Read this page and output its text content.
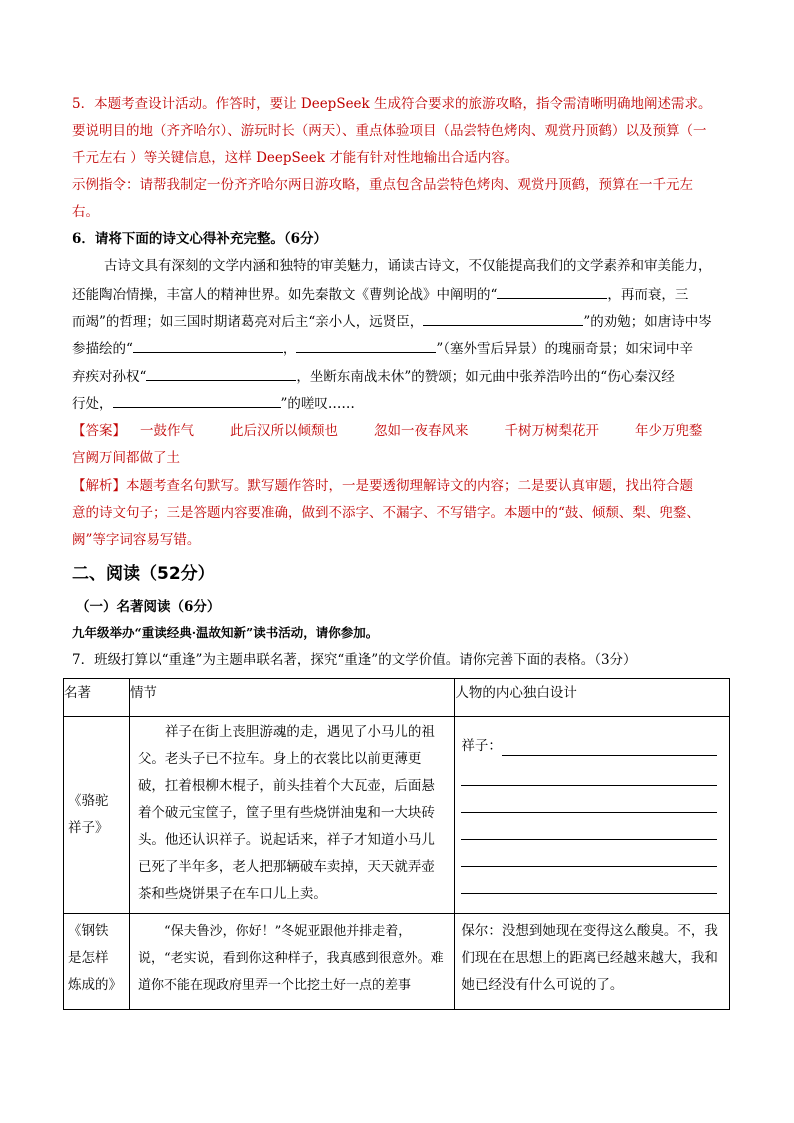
5．本题考查设计活动。作答时，要让 DeepSeek 生成符合要求的旅游攻略，指令需清晰明确地阐述需求。
要说明目的地（齐齐哈尔）、游玩时长（两天）、重点体验项目（品尝特色烤肉、观赏丹顶鹤）以及预算（一
千元左右 ）等关键信息，这样 DeepSeek 才能有针对性地输出合适内容。
示例指令：请帮我制定一份齐齐哈尔两日游攻略，重点包含品尝特色烤肉、观赏丹顶鹤，预算在一千元左
右。
6．请将下面的诗文心得补充完整。（6分）
古诗文具有深刻的文学内涵和独特的审美魅力，诵读古诗文，不仅能提高我们的文学素养和审美能力，
还能陶冶情操，丰富人的精神世界。如先秦散文《曹刿论战》中阐明的“	，再而衰，三
而竭”的哲理；如三国时期诸葛亮对后主“亲小人，远贤臣，	”的劝勉；如唐诗中岑
参描绘的“	，	”（塞外雪后异景）的瑰丽奇景；如宋词中辛
弃疾对孙权“	，坐断东南战未休”的赞颂；如元曲中张养浩吟出的“伤心秦汉经
行处，	”的嗟叹……
【答案】 一鼓作气	此后汉所以倾颓也	忽如一夜春风来	千树万树梨花开	年少万兜鍪
宫阙万间都做了土
【解析】本题考查名句默写。默写题作答时，一是要透彻理解诗文的内容；二是要认真审题，找出符合题
意的诗文句子；三是答题内容要准确，做到不添字、不漏字、不写错字。本题中的“鼓、倾颓、梨、兜鍪、
阙”等字词容易写错。
二、阅读（52分）
（一）名著阅读（6分）
九年级举办“重读经典·温故知新”读书活动，请你参加。
7．班级打算以“重逢”为主题串联名著，探究“重逢”的文学价值。请你完善下面的表格。（3分）
名著	情节	人物的内心独白设计

《骆驼
祥子》	祥子在街上丧胆游魂的走，遇见了小马儿的祖父。老头子已不拉车。身上的衣裳比以前更薄更破，扛着根柳木棍子，前头挂着个大瓦壶，后面悬着个破元宝筐子，筐子里有些烧饼油鬼和一大块砖头。他还认识祥子。说起话来，祥子才知道小马儿已死了半年多，老人把那辆破车卖掉，天天就弄壶茶和些烧饼果子在车口儿上卖。	祥子：

《钢铁
是怎样
炼成的》	“保夫鲁沙，你好！”冬妮亚跟他并排走着，说，“老实说，看到你这种样子，我真感到很意外。难道你不能在现政府里弄一个比挖土好一点的差事	保尔：没想到她现在变得这么酸臭。不，我们现在在思想上的距离已经越来越大，我和她已经没有什么可说的了。
